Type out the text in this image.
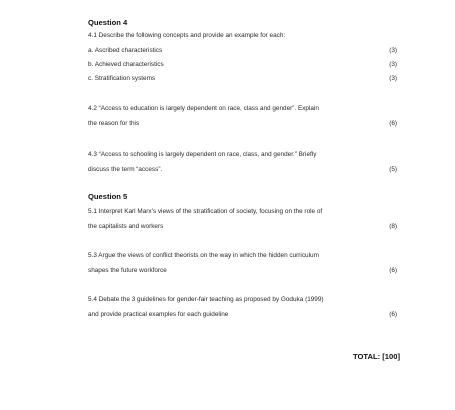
Question 4
4.1 Describe the following concepts and provide an example for each:
a. Ascribed characteristics	(3)
b. Achieved characteristics	(3)
c. Stratification systems	(3)
4.2 “Access to education is largely dependent on race, class and gender”. Explain
the reason for this	(6)
4.3 “Access to schooling is largely dependent on race, class, and gender.” Briefly
discuss the term “access”.	(5)
Question 5
5.1 Interpret Karl Marx’s views of the stratification of society, focusing on the role of
the capitalists and workers	(8)
5.3 Argue the views of conflict theorists on the way in which the hidden curriculum
shapes the future workforce	(6)
5.4 Debate the 3 guidelines for gender-fair teaching as proposed by Goduka (1999)
and provide practical examples for each guideline	(6)
TOTAL: [100]
